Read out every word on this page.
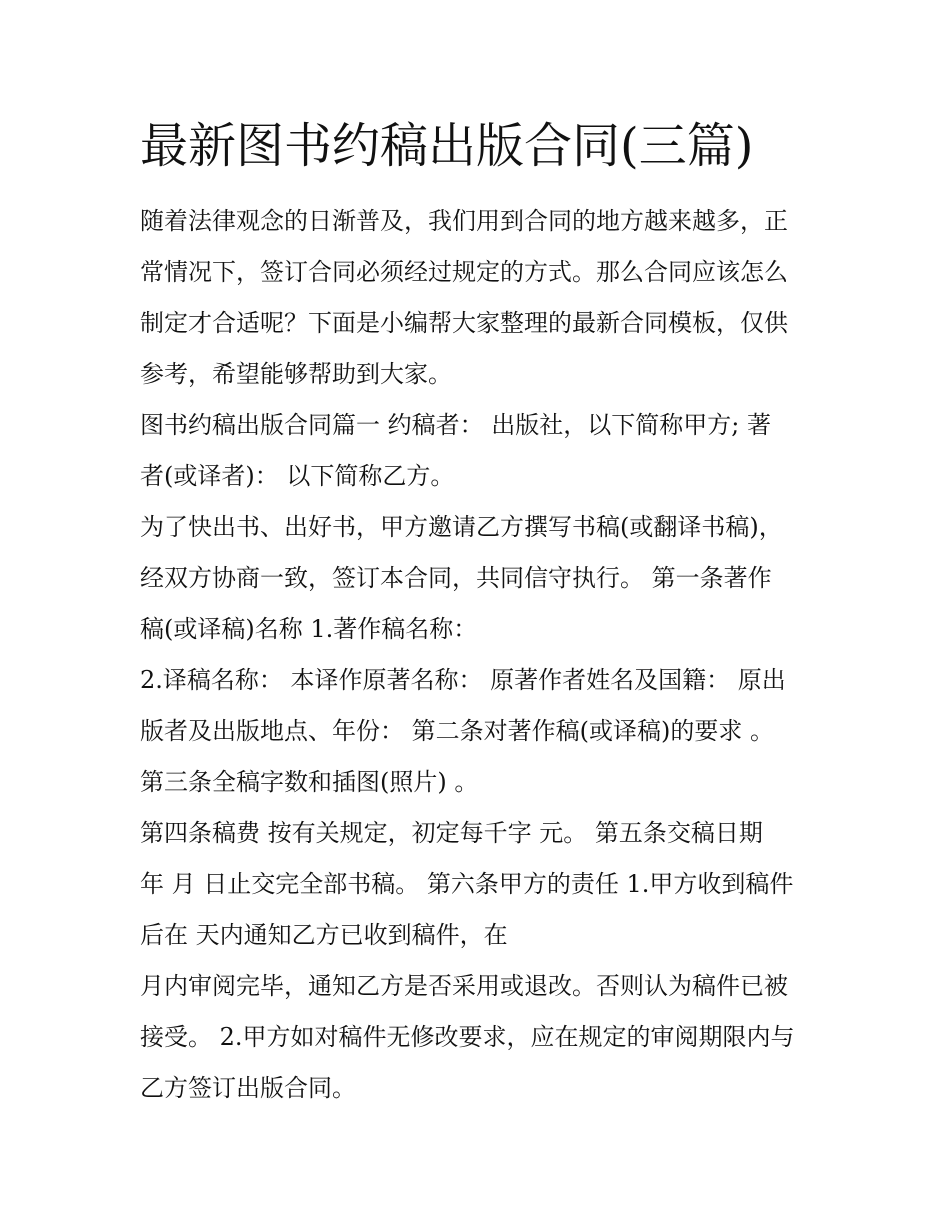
最新图书约稿出版合同(三篇)
随着法律观念的日渐普及，我们用到合同的地方越来越多，正
常情况下，签订合同必须经过规定的方式。那么合同应该怎么
制定才合适呢？下面是小编帮大家整理的最新合同模板，仅供
参考，希望能够帮助到大家。
图书约稿出版合同篇一 约稿者： 出版社，以下简称甲方; 著
者(或译者)： 以下简称乙方。
为了快出书、出好书，甲方邀请乙方撰写书稿(或翻译书稿)，
经双方协商一致，签订本合同，共同信守执行。 第一条著作
稿(或译稿)名称 1.著作稿名称：
2.译稿名称： 本译作原著名称： 原著作者姓名及国籍： 原出
版者及出版地点、年份： 第二条对著作稿(或译稿)的要求 。
第三条全稿字数和插图(照片) 。
第四条稿费 按有关规定，初定每千字 元。 第五条交稿日期
年 月 日止交完全部书稿。 第六条甲方的责任 1.甲方收到稿件
后在 天内通知乙方已收到稿件，在
月内审阅完毕，通知乙方是否采用或退改。否则认为稿件已被
接受。 2.甲方如对稿件无修改要求，应在规定的审阅期限内与
乙方签订出版合同。
